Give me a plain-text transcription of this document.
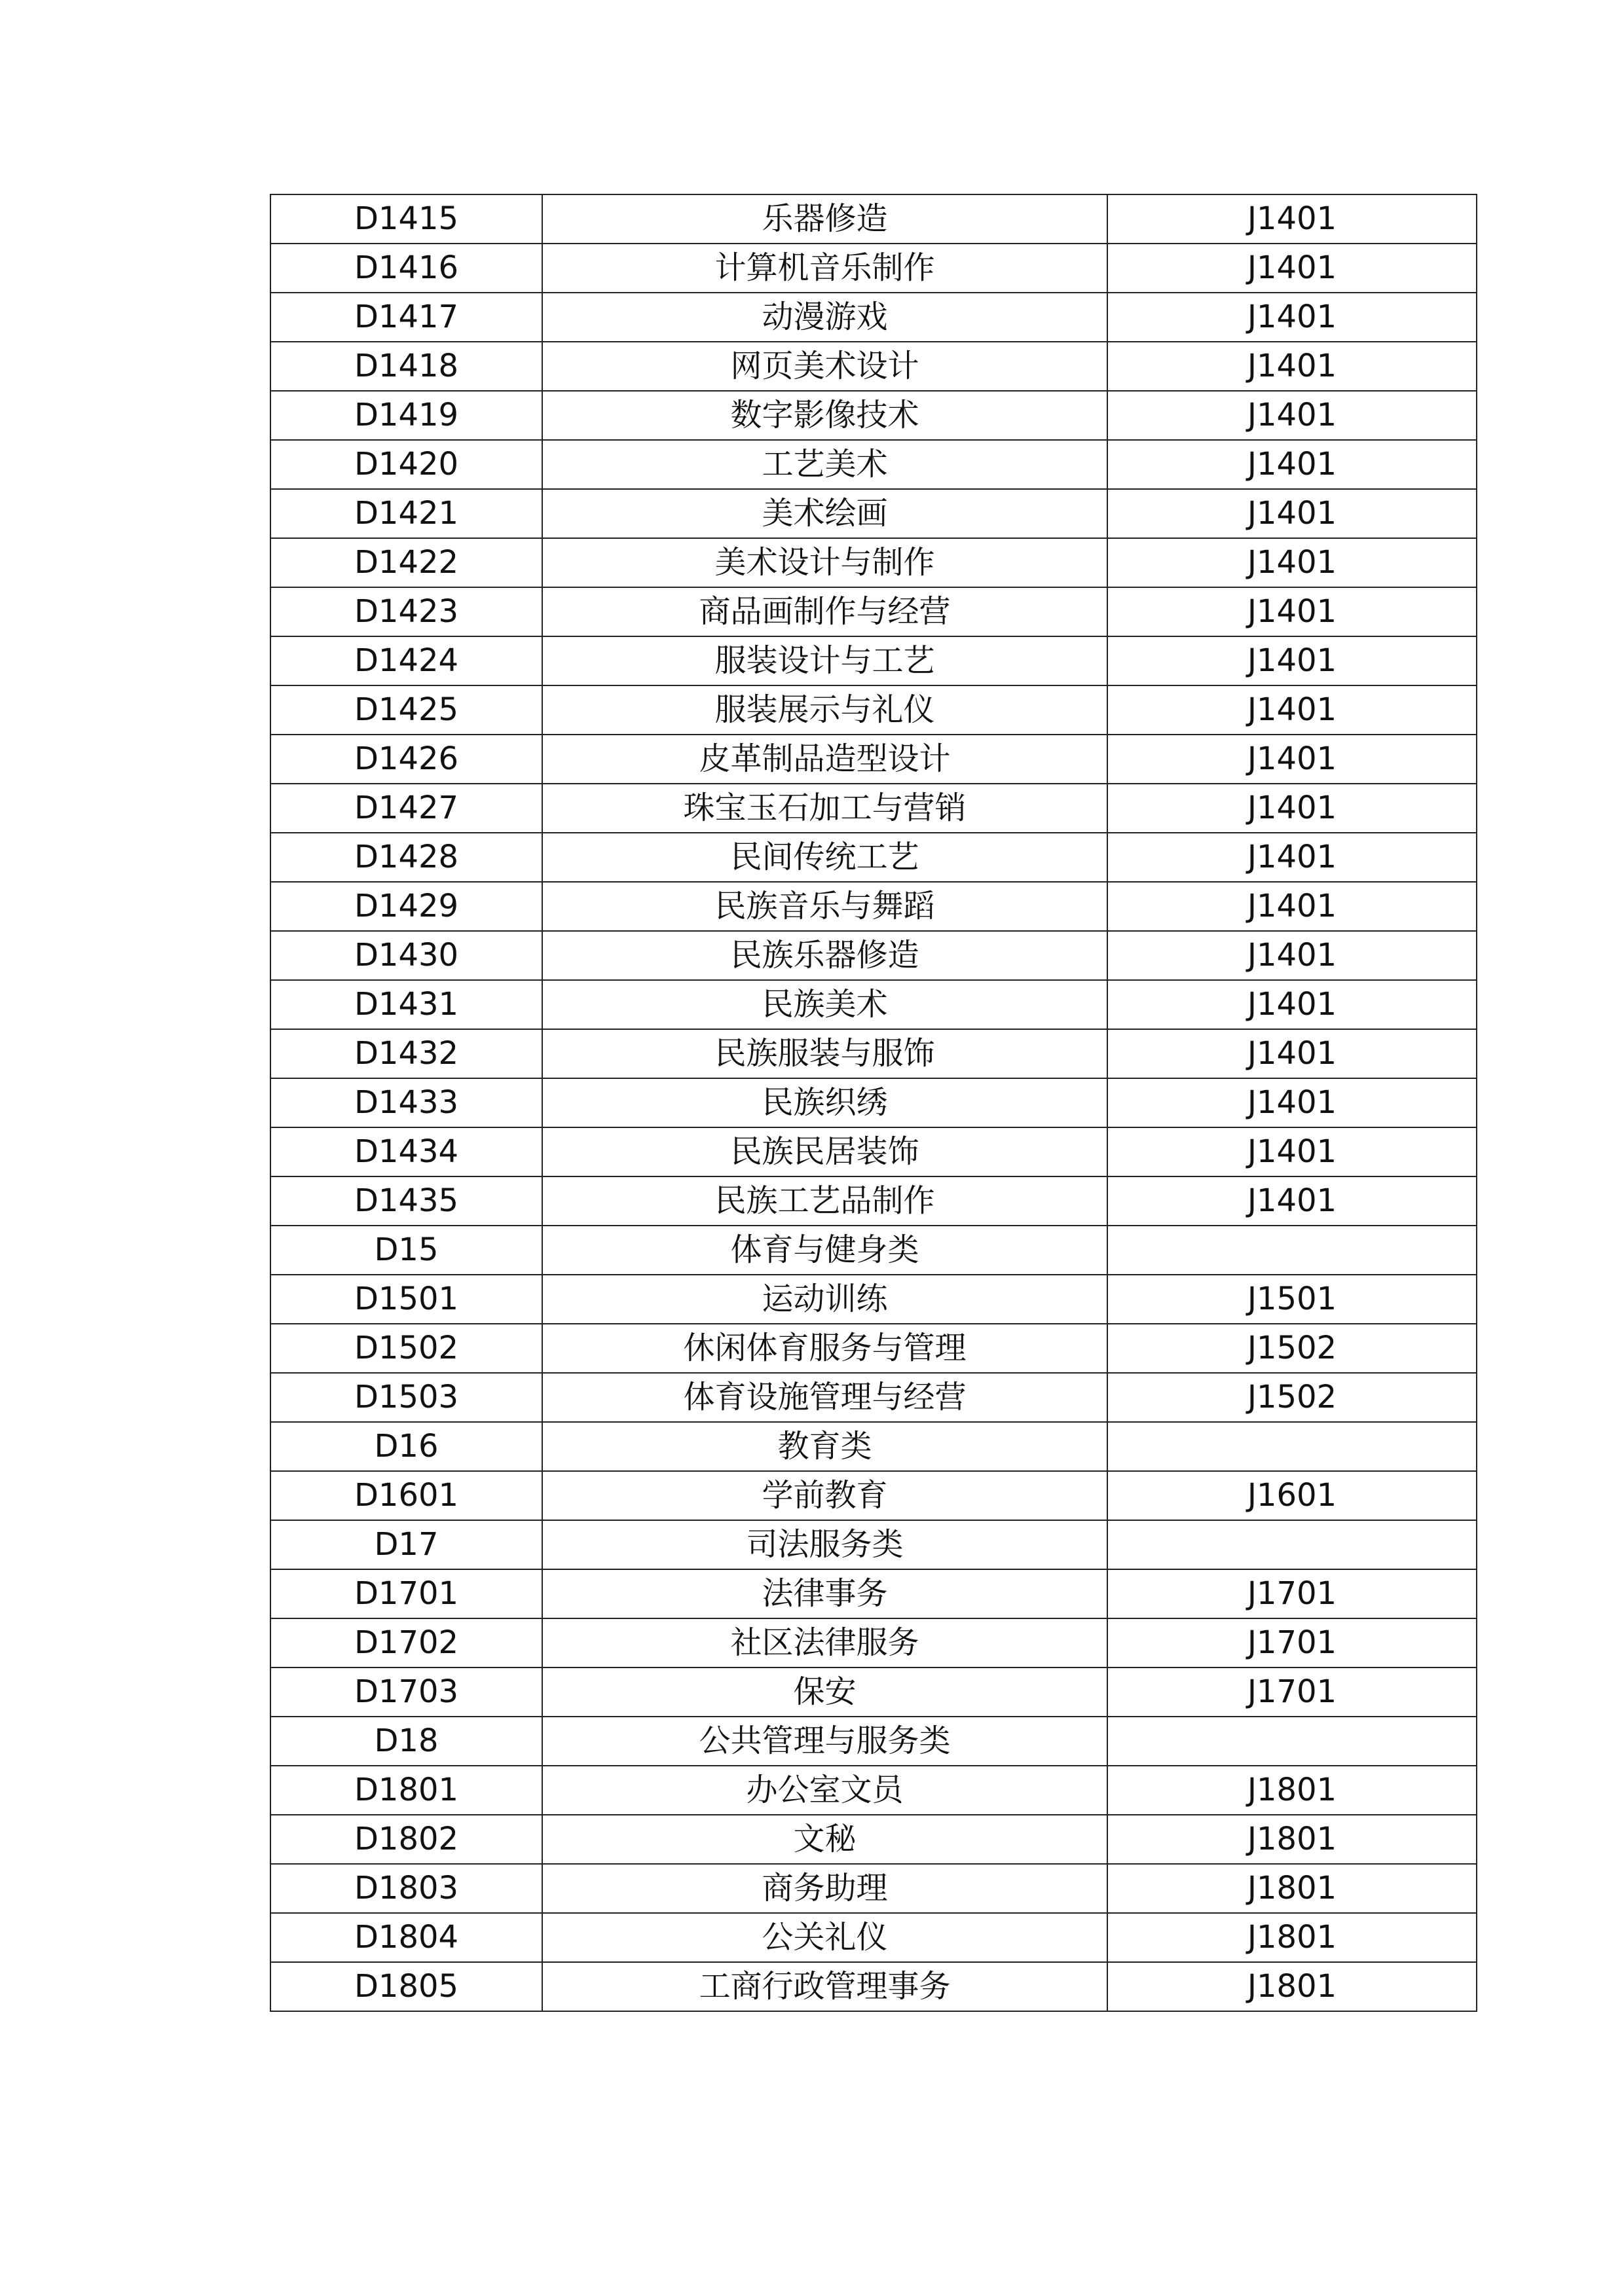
D1415	乐器修造	J1401
D1416	计算机音乐制作	J1401
D1417	动漫游戏	J1401
D1418	网页美术设计	J1401
D1419	数字影像技术	J1401
D1420	工艺美术	J1401
D1421	美术绘画	J1401
D1422	美术设计与制作	J1401
D1423	商品画制作与经营	J1401
D1424	服装设计与工艺	J1401
D1425	服装展示与礼仪	J1401
D1426	皮革制品造型设计	J1401
D1427	珠宝玉石加工与营销	J1401
D1428	民间传统工艺	J1401
D1429	民族音乐与舞蹈	J1401
D1430	民族乐器修造	J1401
D1431	民族美术	J1401
D1432	民族服装与服饰	J1401
D1433	民族织绣	J1401
D1434	民族民居装饰	J1401
D1435	民族工艺品制作	J1401
D15	体育与健身类	
D1501	运动训练	J1501
D1502	休闲体育服务与管理	J1502
D1503	体育设施管理与经营	J1502
D16	教育类	
D1601	学前教育	J1601
D17	司法服务类	
D1701	法律事务	J1701
D1702	社区法律服务	J1701
D1703	保安	J1701
D18	公共管理与服务类	
D1801	办公室文员	J1801
D1802	文秘	J1801
D1803	商务助理	J1801
D1804	公关礼仪	J1801
D1805	工商行政管理事务	J1801
